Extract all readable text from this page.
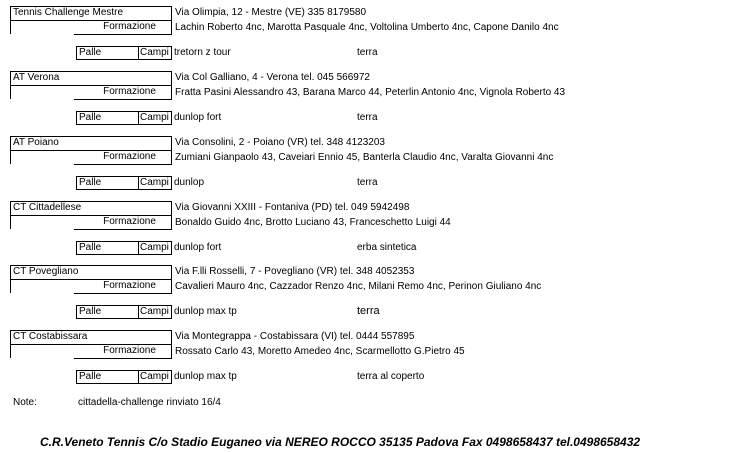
Tennis Challenge Mestre	Via Olimpia, 12 - Mestre (VE) 335 8179580
Formazione	Lachin Roberto 4nc, Marotta Pasquale 4nc, Voltolina Umberto 4nc, Capone Danilo 4nc
Palle	Campi tretorn z tour	terra
AT Verona	Via Col Galliano, 4 - Verona tel. 045 566972
Formazione	Fratta Pasini Alessandro 43, Barana Marco 44, Peterlin Antonio 4nc, Vignola Roberto 43
Palle	Campi dunlop fort	terra
AT Poiano	Via Consolini, 2 - Poiano (VR) tel. 348 4123203
Formazione	Zumiani Gianpaolo 43, Caveiari Ennio 45, Banterla Claudio 4nc, Varalta Giovanni 4nc
Palle	Campi dunlop	terra
CT Cittadellese	Via Giovanni XXIII - Fontaniva (PD) tel. 049 5942498
Formazione	Bonaldo Guido 4nc, Brotto Luciano 43, Franceschetto Luigi 44
Palle	Campi dunlop fort	erba sintetica
CT Povegliano	Via F.lli Rosselli, 7 - Povegliano (VR) tel. 348 4052353
Formazione	Cavalieri Mauro 4nc, Cazzador Renzo 4nc, Milani Remo 4nc, Perinon Giuliano 4nc
Palle	Campi dunlop max tp	terra
CT Costabissara	Via Montegrappa - Costabissara (VI) tel. 0444 557895
Formazione	Rossato Carlo 43, Moretto Amedeo 4nc, Scarmellotto G.Pietro 45
Palle	Campi dunlop max tp	terra al coperto
Note:	cittadella-challenge rinviato 16/4
C.R.Veneto Tennis C/o Stadio Euganeo via NEREO ROCCO 35135 Padova Fax 0498658437 tel.0498658432
